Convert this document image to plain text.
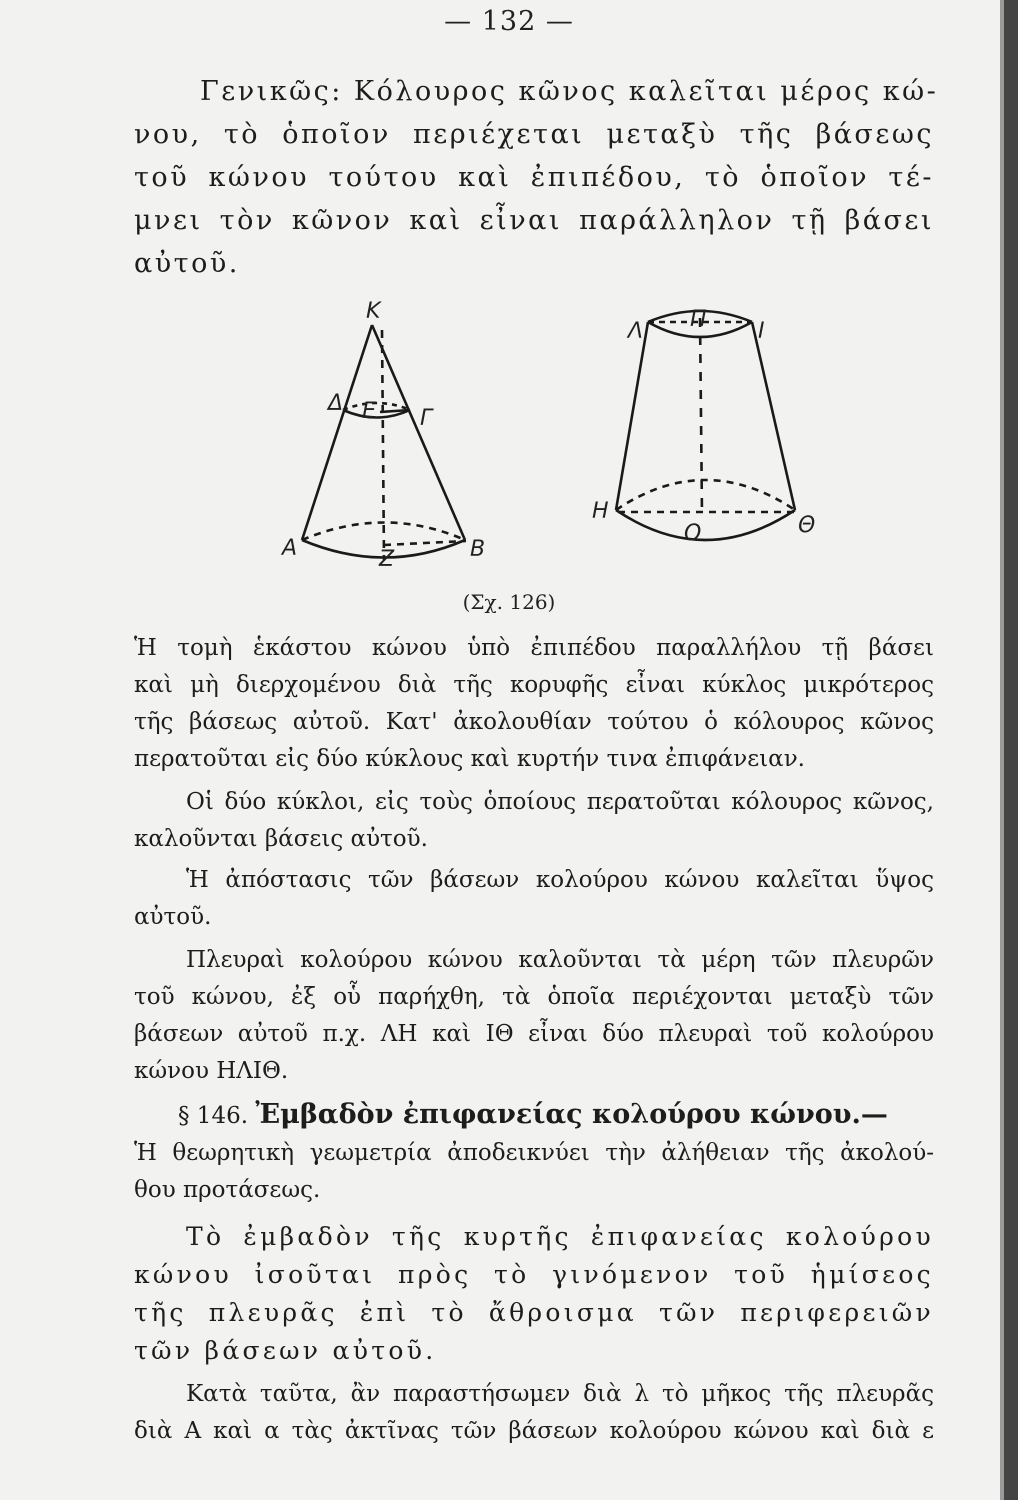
— 132 —
Γενικῶς: Κόλουρος κῶνος καλεῖται μέρος κώ-
νου, τὸ ὁποῖον περιέχεται μεταξὺ τῆς βάσεως
τοῦ κώνου τούτου καὶ ἐπιπέδου, τὸ ὁποῖον τέ-
μνει τὸν κῶνον καὶ εἶναι παράλληλον τῇ βάσει
αὐτοῦ.
Κ
Δ Ε Γ
Α	Ζ	Β
Λ Π Ι
Η
Ο	Θ
(Σχ. 126)
Ἡ τομὴ ἑκάστου κώνου ὑπὸ ἐπιπέδου παραλλήλου τῇ βάσει
καὶ μὴ διερχομένου διὰ τῆς κορυφῆς εἶναι κύκλος μικρότερος
τῆς βάσεως αὐτοῦ. Κατ' ἀκολουθίαν τούτου ὁ κόλουρος κῶνος
περατοῦται εἰς δύο κύκλους καὶ κυρτήν τινα ἐπιφάνειαν.
Οἱ δύο κύκλοι, εἰς τοὺς ὁποίους περατοῦται κόλουρος κῶνος,
καλοῦνται βάσεις αὐτοῦ.
Ἡ ἀπόστασις τῶν βάσεων κολούρου κώνου καλεῖται ὕψος
αὐτοῦ.
Πλευραὶ κολούρου κώνου καλοῦνται τὰ μέρη τῶν πλευρῶν
τοῦ κώνου, ἐξ οὗ παρήχθη, τὰ ὁποῖα περιέχονται μεταξὺ τῶν
βάσεων αὐτοῦ π.χ. ΛΗ καὶ ΙΘ εἶναι δύο πλευραὶ τοῦ κολούρου
κώνου ΗΛΙΘ.
§ 146. Ἐμβαδὸν ἐπιφανείας κολούρου κώνου.—
Ἡ θεωρητικὴ γεωμετρία ἀποδεικνύει τὴν ἀλήθειαν τῆς ἀκολού-
θου προτάσεως.
Τὸ ἐμβαδὸν τῆς κυρτῆς ἐπιφανείας κολούρου
κώνου ἰσοῦται πρὸς τὸ γινόμενον τοῦ ἡμίσεος
τῆς πλευρᾶς ἐπὶ τὸ ἄθροισμα τῶν περιφερειῶν
τῶν βάσεων αὐτοῦ.
Κατὰ ταῦτα, ἂν παραστήσωμεν διὰ λ τὸ μῆκος τῆς πλευρᾶς
διὰ Α καὶ α τὰς ἀκτῖνας τῶν βάσεων κολούρου κώνου καὶ διὰ ε
